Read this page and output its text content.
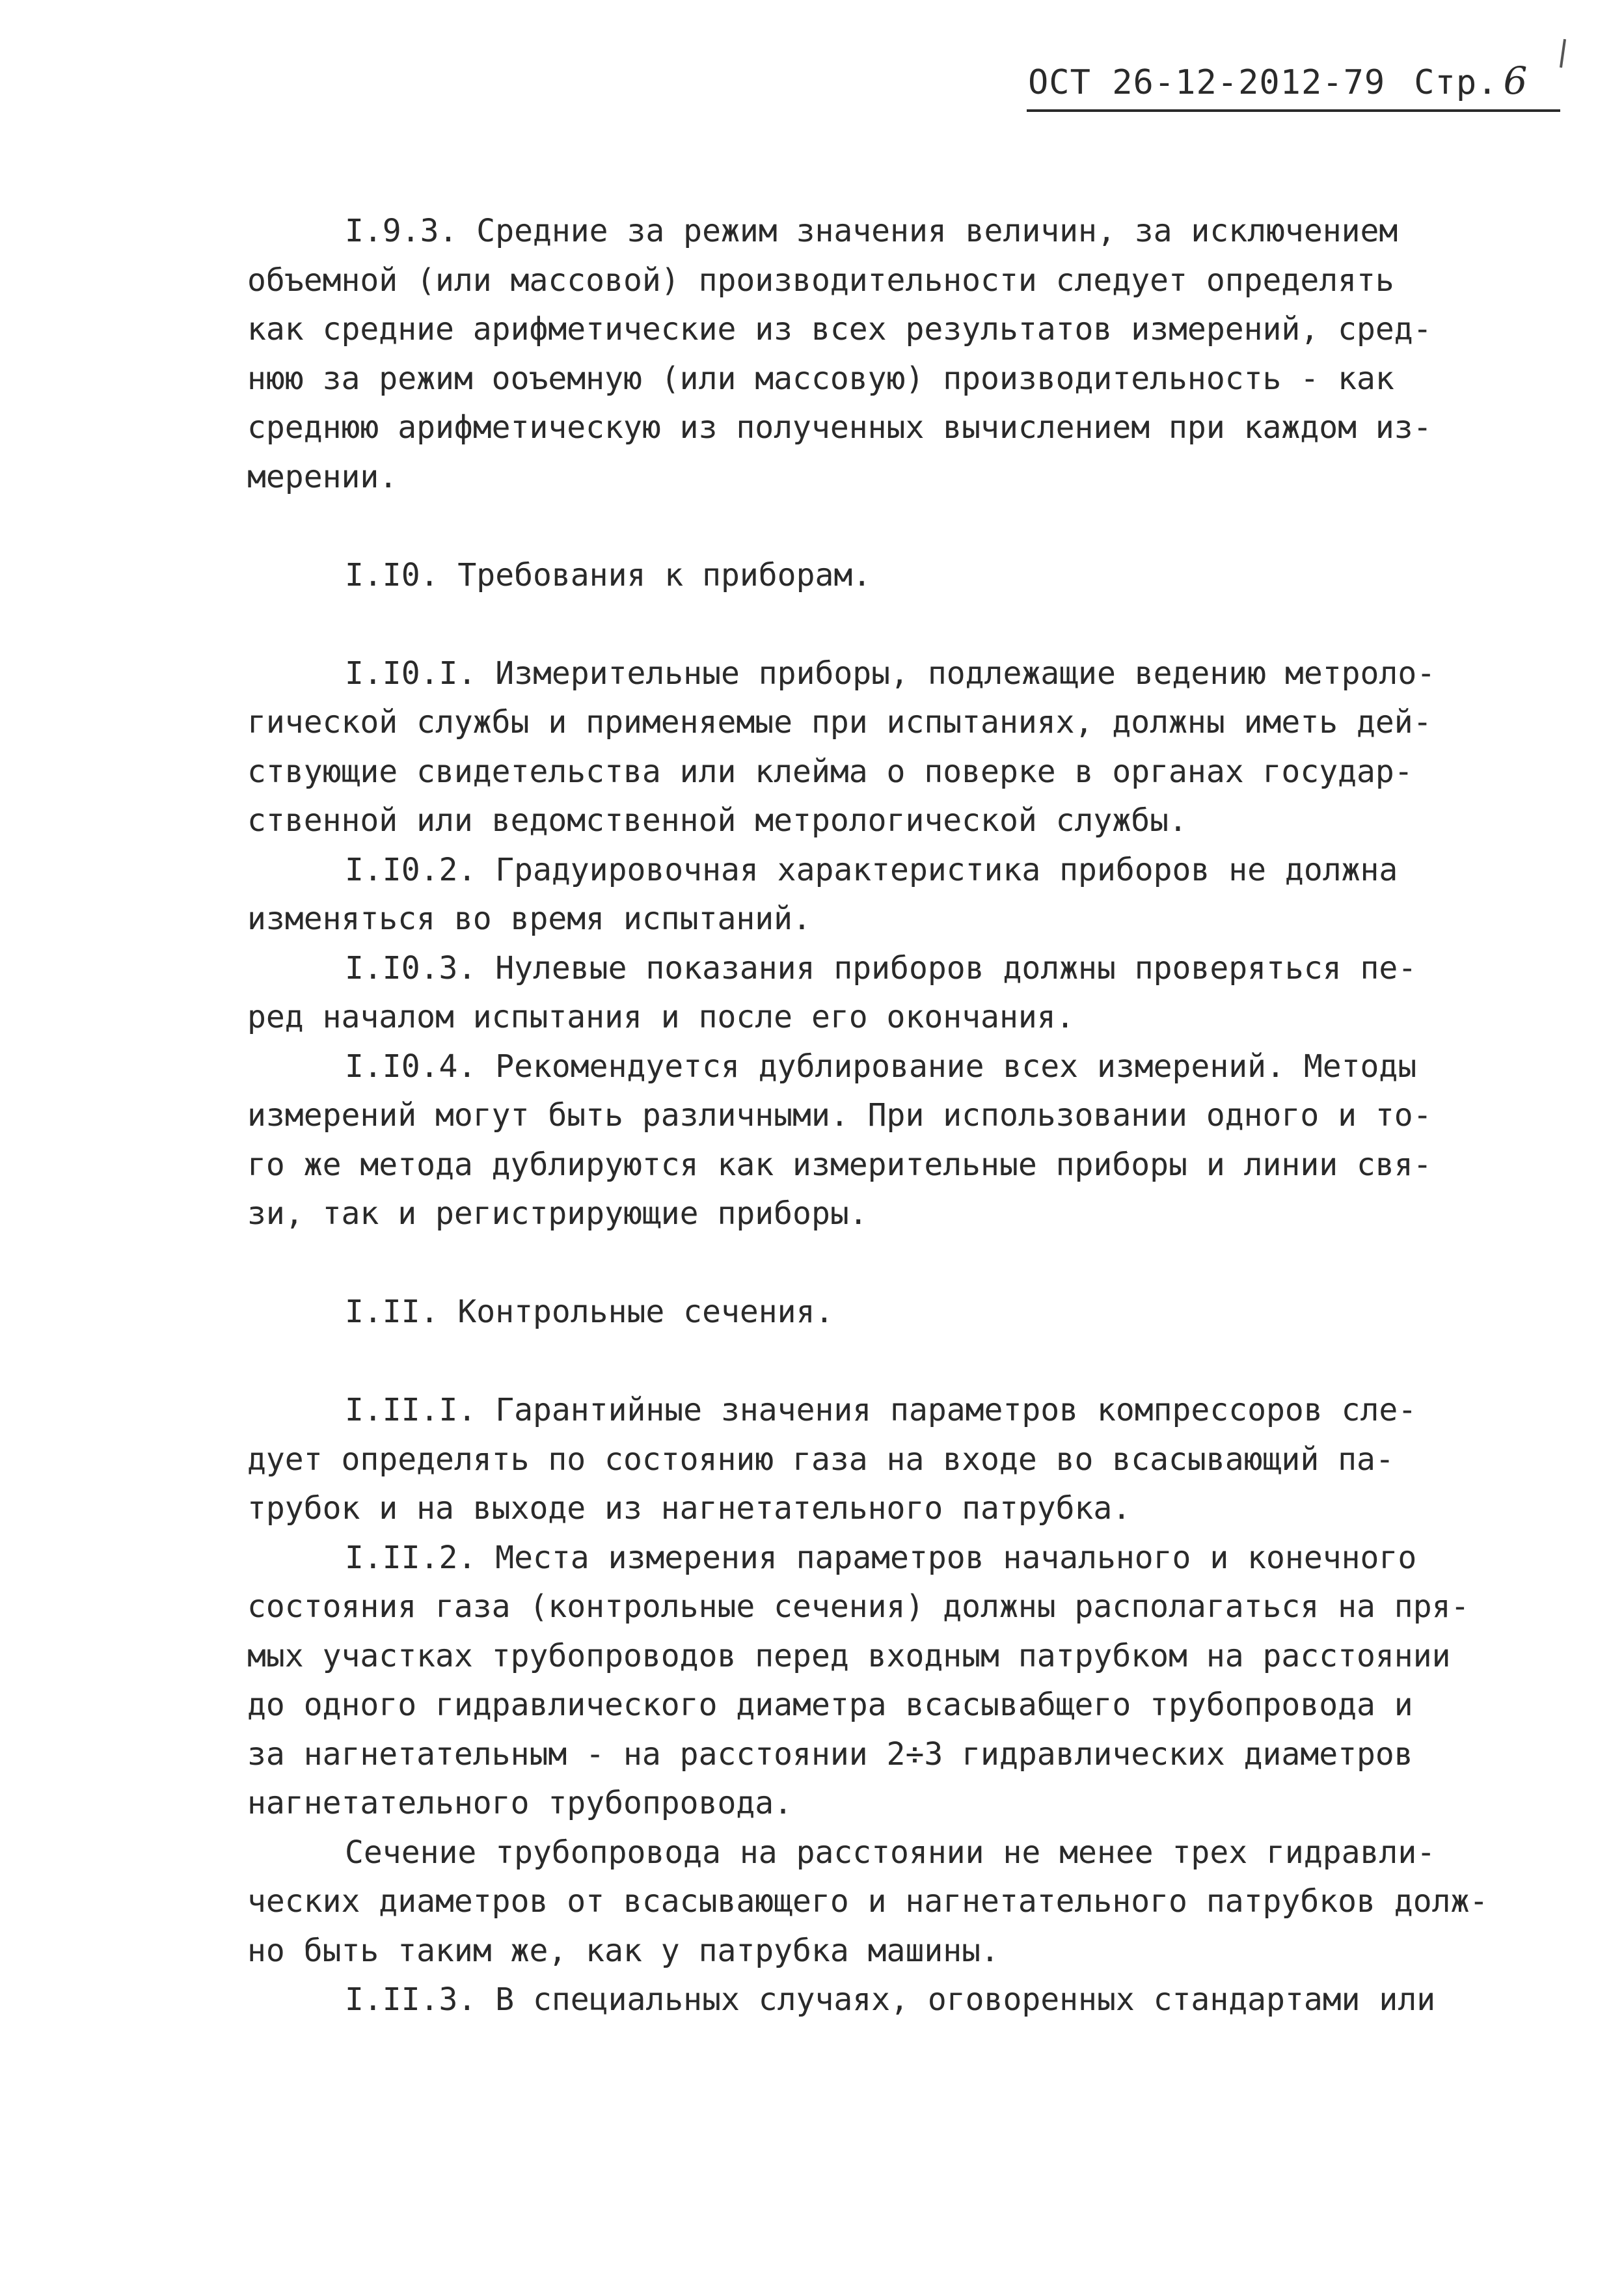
ОСТ 26-12-2012-79 Стр. 6
I.9.3. Средние за режим значения величин, за исключением
объемной (или массовой) производительности следует определять
как средние арифметические из всех результатов измерений, сред-
нюю за режим ооъемную (или массовую) производительность - как
среднюю арифметическую из полученных вычислением при каждом из-
мерении.
I.I0. Требования к приборам.
I.I0.I. Измерительные приборы, подлежащие ведению метроло-
гической службы и применяемые при испытаниях, должны иметь дей-
ствующие свидетельства или клейма о поверке в органах государ-
ственной или ведомственной метрологической службы.
I.I0.2. Градуировочная характеристика приборов не должна
изменяться во время испытаний.
I.I0.3. Нулевые показания приборов должны проверяться пе-
ред началом испытания и после его окончания.
I.I0.4. Рекомендуется дублирование всех измерений. Методы
измерений могут быть различными. При использовании одного и то-
го же метода дублируются как измерительные приборы и линии свя-
зи, так и регистрирующие приборы.
I.II. Контрольные сечения.
I.II.I. Гарантийные значения параметров компрессоров сле-
дует определять по состоянию газа на входе во всасывающий па-
трубок и на выходе из нагнетательного патрубка.
I.II.2. Места измерения параметров начального и конечного
состояния газа (контрольные сечения) должны располагаться на пря-
мых участках трубопроводов перед входным патрубком на расстоянии
до одного гидравлического диаметра всасывабщего трубопровода и
за нагнетательным - на расстоянии 2÷3 гидравлических диаметров
нагнетательного трубопровода.
Сечение трубопровода на расстоянии не менее трех гидравли-
ческих диаметров от всасывающего и нагнетательного патрубков долж-
но быть таким же, как у патрубка машины.
I.II.3. В специальных случаях, оговоренных стандартами или
